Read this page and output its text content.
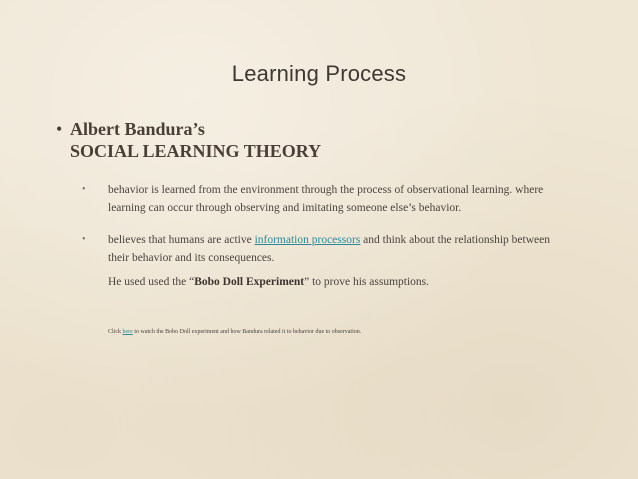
Learning Process
• Albert Bandura’s
SOCIAL LEARNING THEORY
•	behavior is learned from the environment through the process of observational learning. where learning can occur through observing and imitating someone else’s behavior.
•	believes that humans are active information processors and think about the relationship between their behavior and its consequences.
He used used the “Bobo Doll Experiment” to prove his assumptions.
Click here to watch the Bobo Doll experiment and how Bandura related it to behavior due to observation.
